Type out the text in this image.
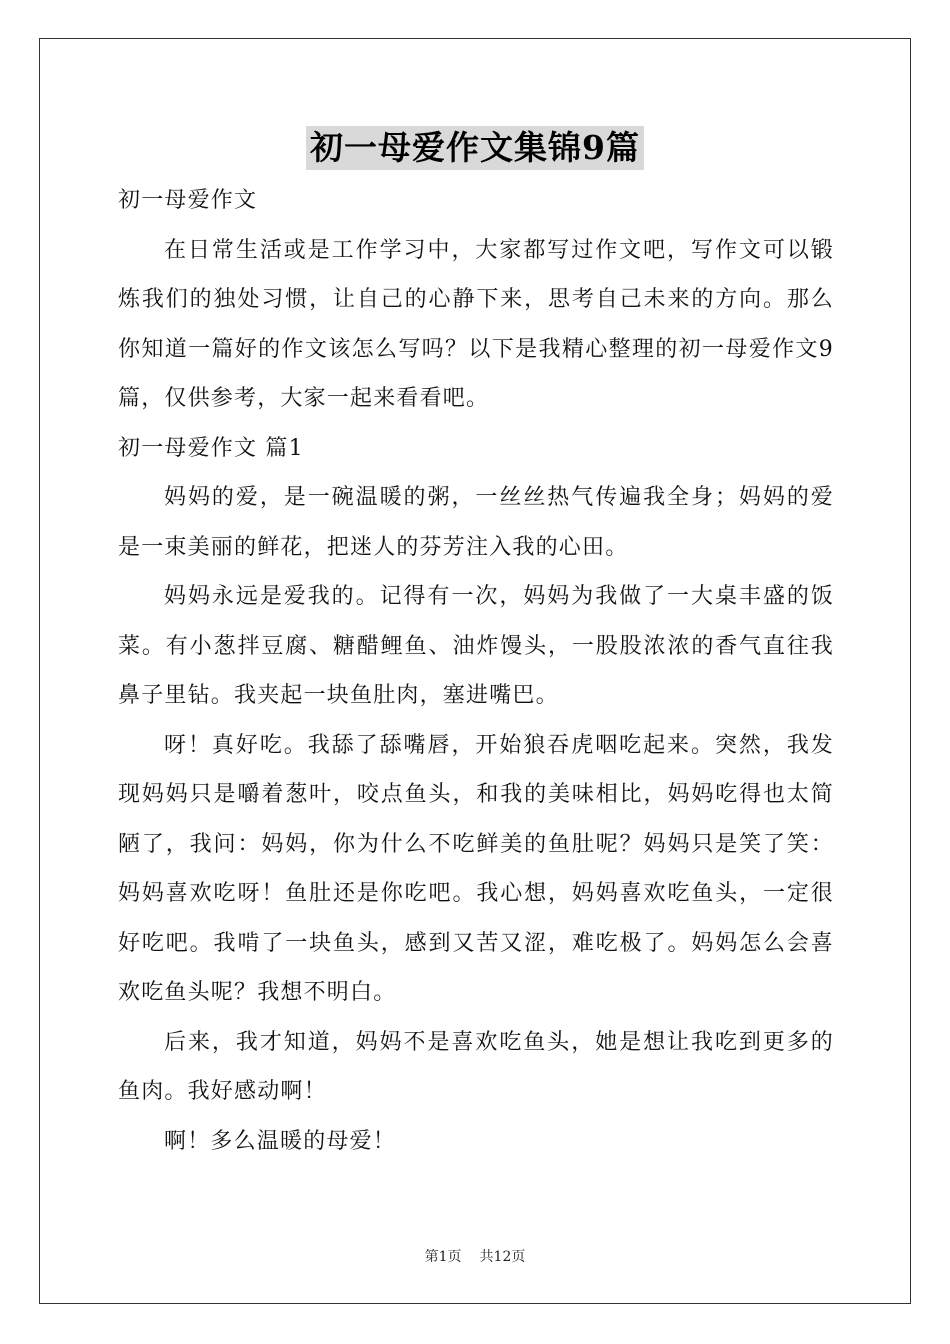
初一母爱作文集锦9篇

初一母爱作文

在日常生活或是工作学习中，大家都写过作文吧，写作文可以锻炼我们的独处习惯，让自己的心静下来，思考自己未来的方向。那么你知道一篇好的作文该怎么写吗？以下是我精心整理的初一母爱作文9篇，仅供参考，大家一起来看看吧。

初一母爱作文 篇1

妈妈的爱，是一碗温暖的粥，一丝丝热气传遍我全身；妈妈的爱是一束美丽的鲜花，把迷人的芬芳注入我的心田。

妈妈永远是爱我的。记得有一次，妈妈为我做了一大桌丰盛的饭菜。有小葱拌豆腐、糖醋鲤鱼、油炸馒头，一股股浓浓的香气直往我鼻子里钻。我夹起一块鱼肚肉，塞进嘴巴。

呀！真好吃。我舔了舔嘴唇，开始狼吞虎咽吃起来。突然，我发现妈妈只是嚼着葱叶，咬点鱼头，和我的美味相比，妈妈吃得也太简陋了，我问：妈妈，你为什么不吃鲜美的鱼肚呢？妈妈只是笑了笑：妈妈喜欢吃呀！鱼肚还是你吃吧。我心想，妈妈喜欢吃鱼头，一定很好吃吧。我啃了一块鱼头，感到又苦又涩，难吃极了。妈妈怎么会喜欢吃鱼头呢？我想不明白。

后来，我才知道，妈妈不是喜欢吃鱼头，她是想让我吃到更多的鱼肉。我好感动啊！

啊！多么温暖的母爱！

第1页 共12页
